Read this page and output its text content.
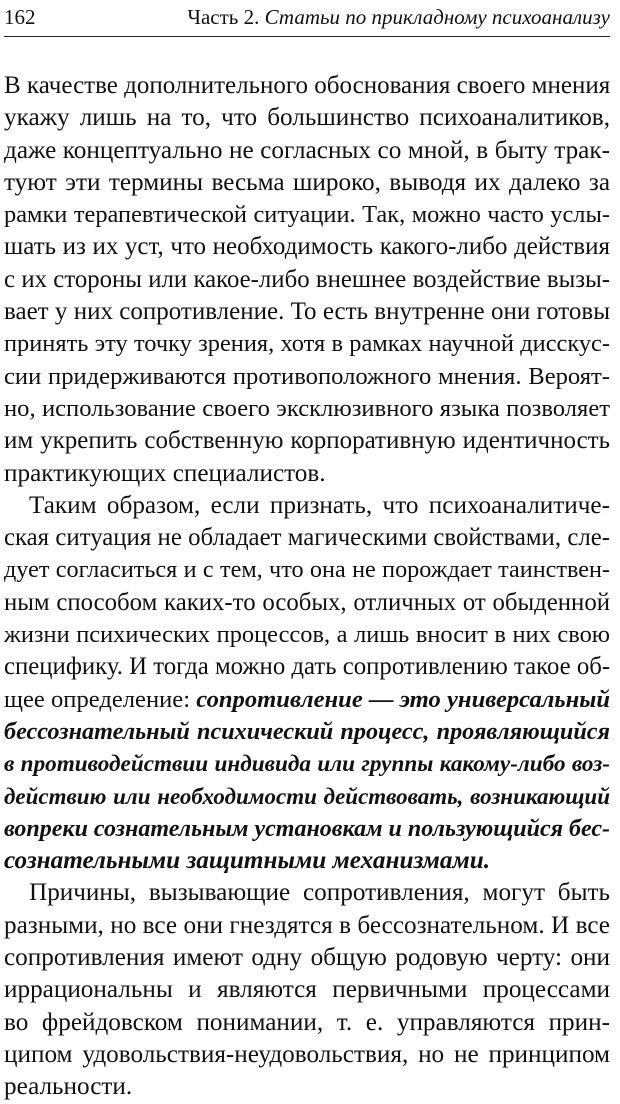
162	Часть 2. Статьи по прикладному психоанализу
В качестве дополнительного обоснования своего мнения
укажу лишь на то, что большинство психоаналитиков,
даже концептуально не согласных со мной, в быту трак-
туют эти термины весьма широко, выводя их далеко за
рамки терапевтической ситуации. Так, можно часто услы-
шать из их уст, что необходимость какого-либо действия
с их стороны или какое-либо внешнее воздействие вызы-
вает у них сопротивление. То есть внутренне они готовы
принять эту точку зрения, хотя в рамках научной дисскус-
сии придерживаются противоположного мнения. Вероят-
но, использование своего эксклюзивного языка позволяет
им укрепить собственную корпоративную идентичность
практикующих специалистов.
Таким образом, если признать, что психоаналитиче-
ская ситуация не обладает магическими свойствами, сле-
дует согласиться и с тем, что она не порождает таинствен-
ным способом каких-то особых, отличных от обыденной
жизни психических процессов, а лишь вносит в них свою
специфику. И тогда можно дать сопротивлению такое об-
щее определение: сопротивление — это универсальный
бессознательный психический процесс, проявляющийся
в противодействии индивида или группы какому-либо воз-
действию или необходимости действовать, возникающий
вопреки сознательным установкам и пользующийся бес-
сознательными защитными механизмами.
Причины, вызывающие сопротивления, могут быть
разными, но все они гнездятся в бессознательном. И все
сопротивления имеют одну общую родовую черту: они
иррациональны и являются первичными процессами
во фрейдовском понимании, т. е. управляются прин-
ципом удовольствия-неудовольствия, но не принципом
реальности.
